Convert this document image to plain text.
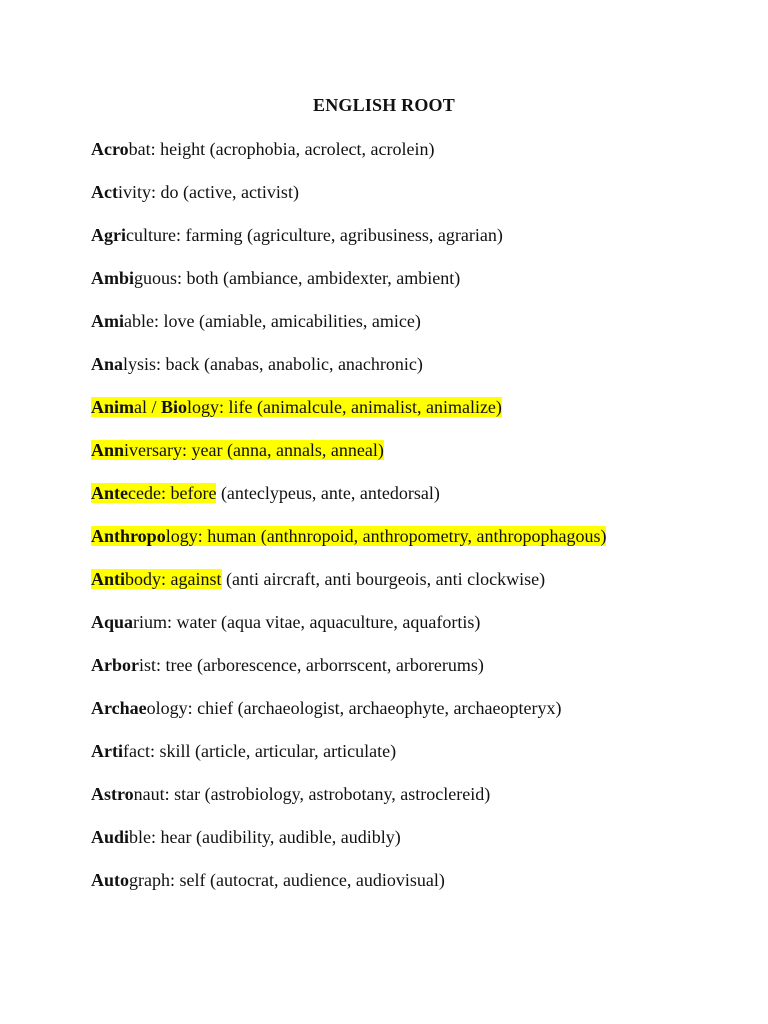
ENGLISH ROOT
Acrobat: height (acrophobia, acrolect, acrolein)
Activity: do (active, activist)
Agriculture: farming (agriculture, agribusiness, agrarian)
Ambiguous: both (ambiance, ambidexter, ambient)
Amiable: love (amiable, amicabilities, amice)
Analysis: back (anabas, anabolic, anachronic)
Animal / Biology: life (animalcule, animalist, animalize)
Anniversary: year (anna, annals, anneal)
Antecede: before (anteclypeus, ante, antedorsal)
Anthropology: human (anthnropoid, anthropometry, anthropophagous)
Antibody: against (anti aircraft, anti bourgeois, anti clockwise)
Aquarium: water (aqua vitae, aquaculture, aquafortis)
Arborist: tree (arborescence, arborrscent, arborerums)
Archaeology: chief (archaeologist, archaeophyte, archaeopteryx)
Artifact: skill (article, articular, articulate)
Astronaut: star (astrobiology, astrobotany, astroclereid)
Audible: hear (audibility, audible, audibly)
Autograph: self (autocrat, audience, audiovisual)
